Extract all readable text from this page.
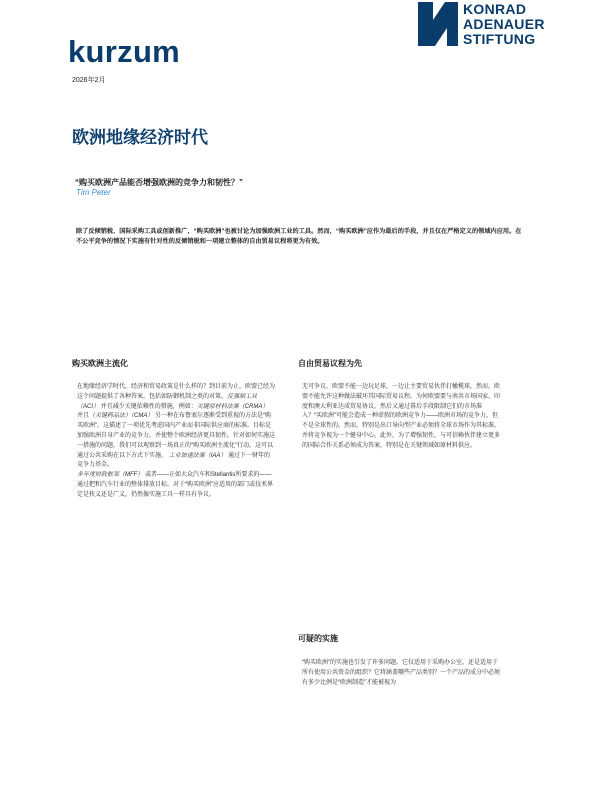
kurzum
2026年2月
KONRAD
ADENAUER
STIFTUNG
欧洲地缘经济时代
“购买欧洲产品能否增强欧洲的竞争力和韧性？”
Tim Peter

除了反倾销税、国际采购工具或创新推广，“购买欧洲”也被讨论为加强欧洲工业的工具。然而，“购买欧洲”应作为最后的手段，并且仅在严格定义的领域内应用。在不公平竞争的情况下实施有针对性的反倾销税和一项建立整体的自由贸易议程将更为有效。

购买欧洲主流化

在地缘经济学时代，经济和贸易政策是什么样的？到目前为止，欧盟已经为这个问题提供了各种答案，包括如防御机制之类的对策。反强制工具（ACI） 并且减少关键依赖性的措施，例如：关键原材料法案（CRMA） 并且（关键药品法）（CMA） 另一种在布鲁塞尔逐渐受到重视的方法是“购买欧洲”。这描述了一项优先考虑国内产业而非国际供应商的标准。目标是加强欧洲自身产业的竞争力，并使整个欧洲经济更具韧性。针对如何实施这一措施的问题，我们可以观察到一场真正的“购买欧洲主流化”行动。这可以通过公共采购在以下方式下实施。 工业加速法案（IAA） 通过下一财年的竞争力基金。
多年度财政框架（MFF） 或者——正如大众汽车和Stellantis所要求的——通过把和汽车行业的整体排放目标。对于“购买欧洲”应适用的部门或技术界定是狭义还是广义，仍然像实施工具一样具有争议。

自由贸易议程为先

无可争议，欧盟不能一边玩足球，一边让主要贸易伙伴打橄榄球。然而，欧盟不能允许这种做法破坏其国际贸易议程。为何欧盟要与南共市场国家、印度和澳大利亚达成贸易协议，然后又通过幕后手段限制它们的市场准入？“买欧洲”可能会造成一种虚假的欧洲竞争力——欧洲市场的竞争力，但不是全球性的。然而，特别是出口导向型产业必须将全球市场作为其标准，并将竞争视为一个健身中心。此外，为了增强韧性，与可信赖伙伴建立更多的国际合作关系必须成为答案，特别是在关键领域如原材料供应。

可疑的实施

“购买欧洲”的实施也引发了许多问题。它仅适用于采购办公室，还是适用于所有使用公共资金的组织？它将涵盖哪些产品类别？一个产品的成分中必须有多少比例是“欧洲制造”才能被视为
